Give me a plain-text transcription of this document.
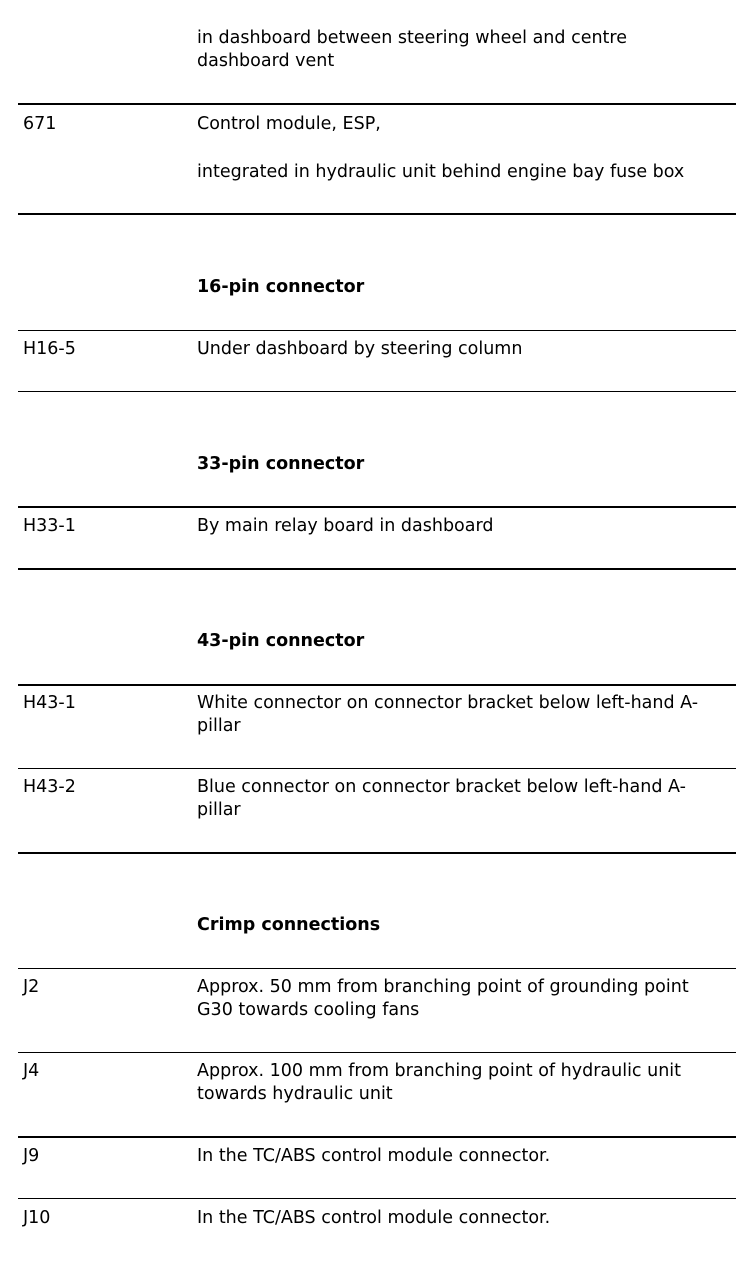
in dashboard between steering wheel and centre
dashboard vent
671	Control module, ESP,
integrated in hydraulic unit behind engine bay fuse box
16-pin connector
H16-5	Under dashboard by steering column
33-pin connector
H33-1	By main relay board in dashboard
43-pin connector
H43-1	White connector on connector bracket below left-hand A-
pillar
H43-2	Blue connector on connector bracket below left-hand A-
pillar
Crimp connections
J2	Approx. 50 mm from branching point of grounding point
G30 towards cooling fans
J4	Approx. 100 mm from branching point of hydraulic unit
towards hydraulic unit
J9	In the TC/ABS control module connector.
J10	In the TC/ABS control module connector.
